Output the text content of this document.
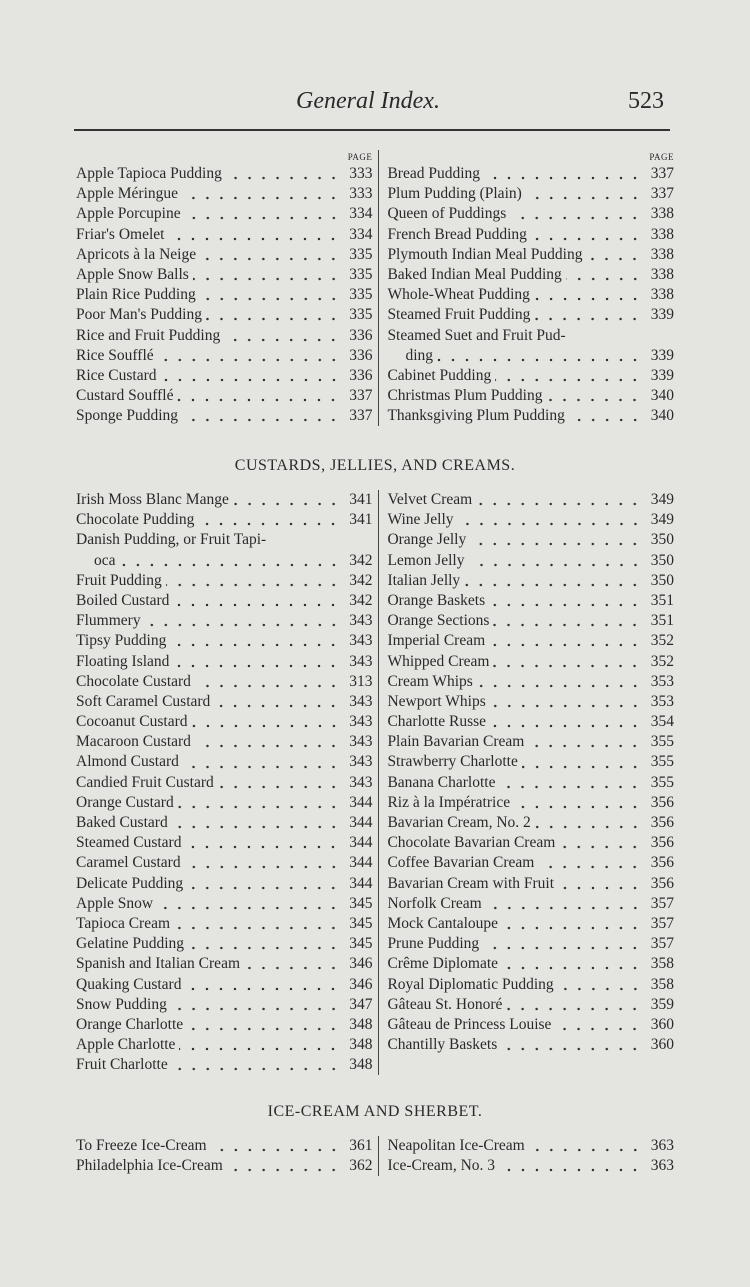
General Index.	523
PAGE
Apple Tapioca Pudding	333
Apple Méringue	333
Apple Porcupine	334
Friar's Omelet	334
Apricots à la Neige	335
Apple Snow Balls	335
Plain Rice Pudding	335
Poor Man's Pudding	335
Rice and Fruit Pudding	336
Rice Soufflé	336
Rice Custard	336
Custard Soufflé	337
Sponge Pudding	337
PAGE
Bread Pudding	337
Plum Pudding (Plain)	337
Queen of Puddings	338
French Bread Pudding	338
Plymouth Indian Meal Pudding	338
Baked Indian Meal Pudding	338
Whole-Wheat Pudding	338
Steamed Fruit Pudding	339
Steamed Suet and Fruit Pud-
ding	339
Cabinet Pudding	339
Christmas Plum Pudding	340
Thanksgiving Plum Pudding	340
CUSTARDS, JELLIES, AND CREAMS.
Irish Moss Blanc Mange	341
Chocolate Pudding	341
Danish Pudding, or Fruit Tapi-
oca	342
Fruit Pudding	342
Boiled Custard	342
Flummery	343
Tipsy Pudding	343
Floating Island	343
Chocolate Custard	313
Soft Caramel Custard	343
Cocoanut Custard	343
Macaroon Custard	343
Almond Custard	343
Candied Fruit Custard	343
Orange Custard	344
Baked Custard	344
Steamed Custard	344
Caramel Custard	344
Delicate Pudding	344
Apple Snow	345
Tapioca Cream	345
Gelatine Pudding	345
Spanish and Italian Cream	346
Quaking Custard	346
Snow Pudding	347
Orange Charlotte	348
Apple Charlotte	348
Fruit Charlotte	348
Velvet Cream	349
Wine Jelly	349
Orange Jelly	350
Lemon Jelly	350
Italian Jelly	350
Orange Baskets	351
Orange Sections	351
Imperial Cream	352
Whipped Cream	352
Cream Whips	353
Newport Whips	353
Charlotte Russe	354
Plain Bavarian Cream	355
Strawberry Charlotte	355
Banana Charlotte	355
Riz à la Impératrice	356
Bavarian Cream, No. 2	356
Chocolate Bavarian Cream	356
Coffee Bavarian Cream	356
Bavarian Cream with Fruit	356
Norfolk Cream	357
Mock Cantaloupe	357
Prune Pudding	357
Crême Diplomate	358
Royal Diplomatic Pudding	358
Gâteau St. Honoré	359
Gâteau de Princess Louise	360
Chantilly Baskets	360
ICE-CREAM AND SHERBET.
To Freeze Ice-Cream	361
Philadelphia Ice-Cream	362
Neapolitan Ice-Cream	363
Ice-Cream, No. 3	363
